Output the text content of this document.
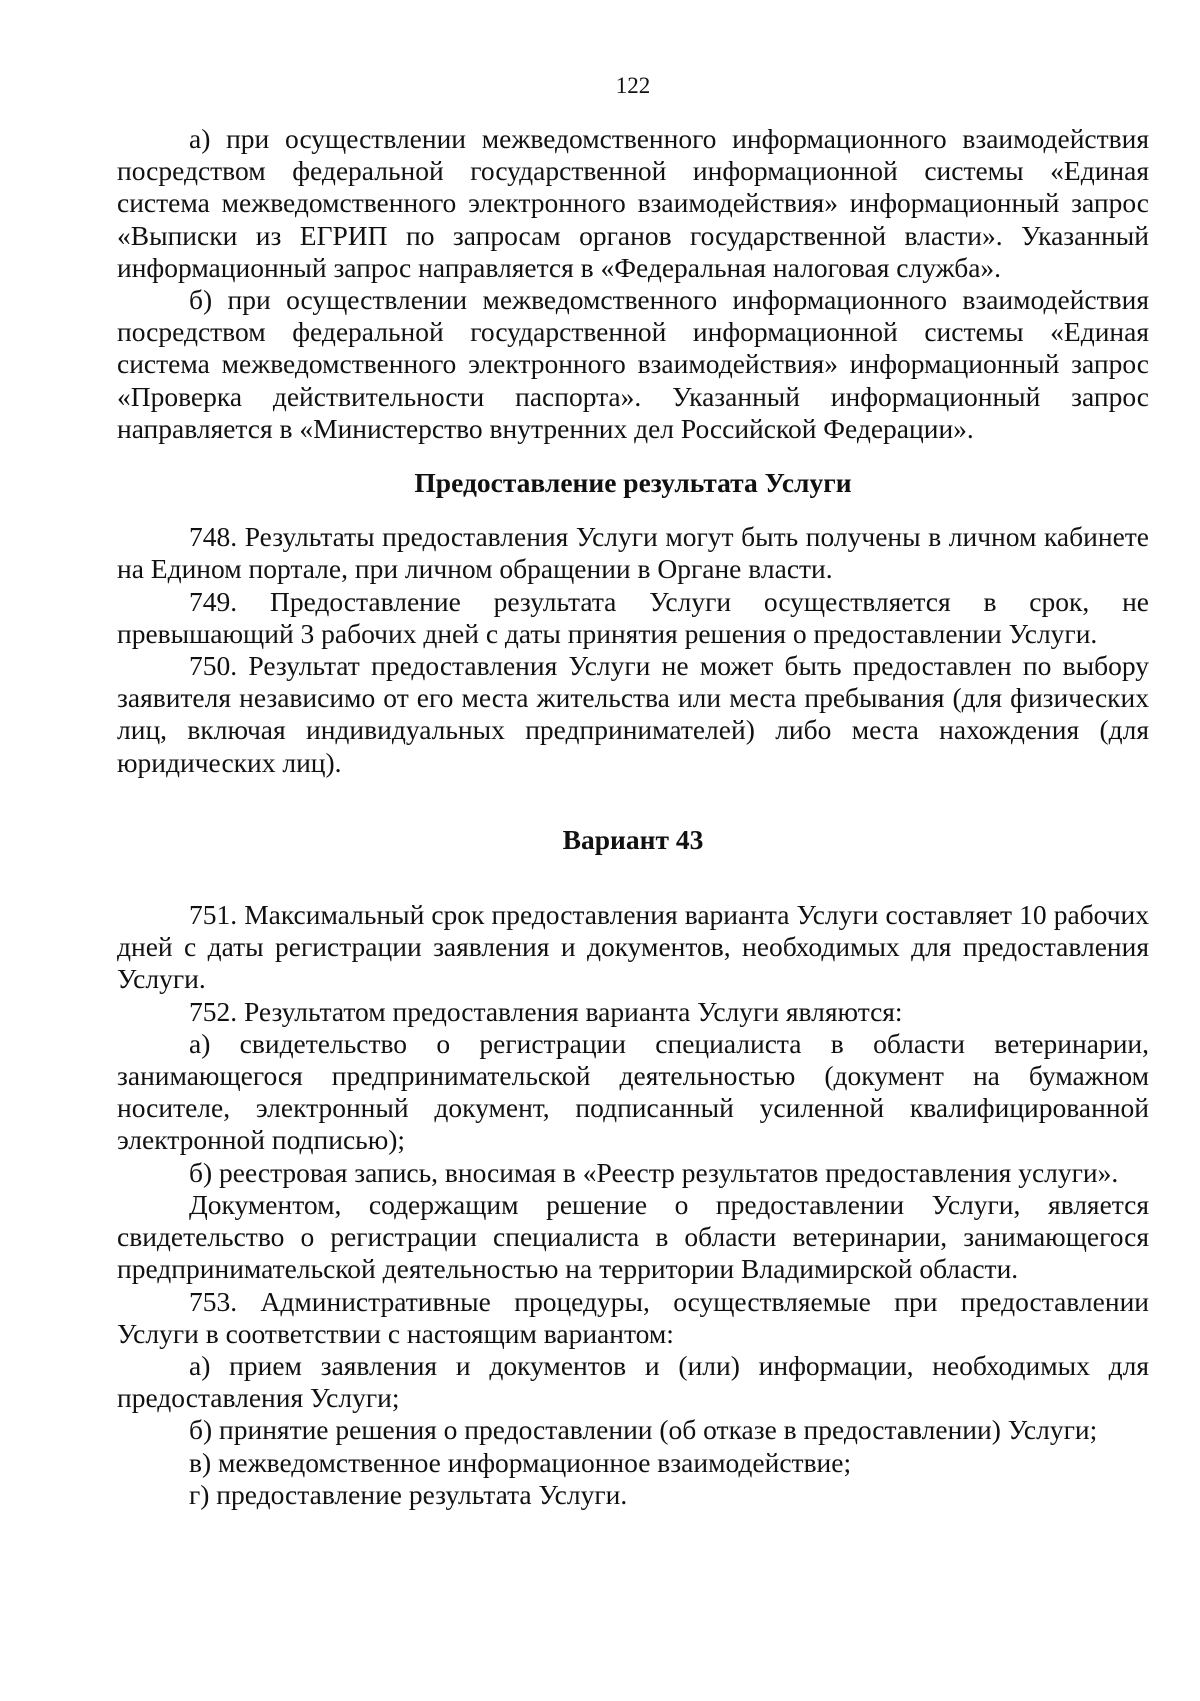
122

а) при осуществлении межведомственного информационного взаимодействия посредством федеральной государственной информационной системы «Единая система межведомственного электронного взаимодействия» информационный запрос «Выписки из ЕГРИП по запросам органов государственной власти». Указанный информационный запрос направляется в «Федеральная налоговая служба».

б) при осуществлении межведомственного информационного взаимодействия посредством федеральной государственной информационной системы «Единая система межведомственного электронного взаимодействия» информационный запрос «Проверка действительности паспорта». Указанный информационный запрос направляется в «Министерство внутренних дел Российской Федерации».

Предоставление результата Услуги

748. Результаты предоставления Услуги могут быть получены в личном кабинете на Едином портале, при личном обращении в Органе власти.

749. Предоставление результата Услуги осуществляется в срок, не превышающий 3 рабочих дней с даты принятия решения о предоставлении Услуги.

750. Результат предоставления Услуги не может быть предоставлен по выбору заявителя независимо от его места жительства или места пребывания (для физических лиц, включая индивидуальных предпринимателей) либо места нахождения (для юридических лиц).

Вариант 43

751. Максимальный срок предоставления варианта Услуги составляет 10 рабочих дней с даты регистрации заявления и документов, необходимых для предоставления Услуги.

752. Результатом предоставления варианта Услуги являются:

а) свидетельство о регистрации специалиста в области ветеринарии, занимающегося предпринимательской деятельностью (документ на бумажном носителе, электронный документ, подписанный усиленной квалифицированной электронной подписью);

б) реестровая запись, вносимая в «Реестр результатов предоставления услуги».

Документом, содержащим решение о предоставлении Услуги, является свидетельство о регистрации специалиста в области ветеринарии, занимающегося предпринимательской деятельностью на территории Владимирской области.

753. Административные процедуры, осуществляемые при предоставлении Услуги в соответствии с настоящим вариантом:

а) прием заявления и документов и (или) информации, необходимых для предоставления Услуги;

б) принятие решения о предоставлении (об отказе в предоставлении) Услуги;

в) межведомственное информационное взаимодействие;

г) предоставление результата Услуги.
